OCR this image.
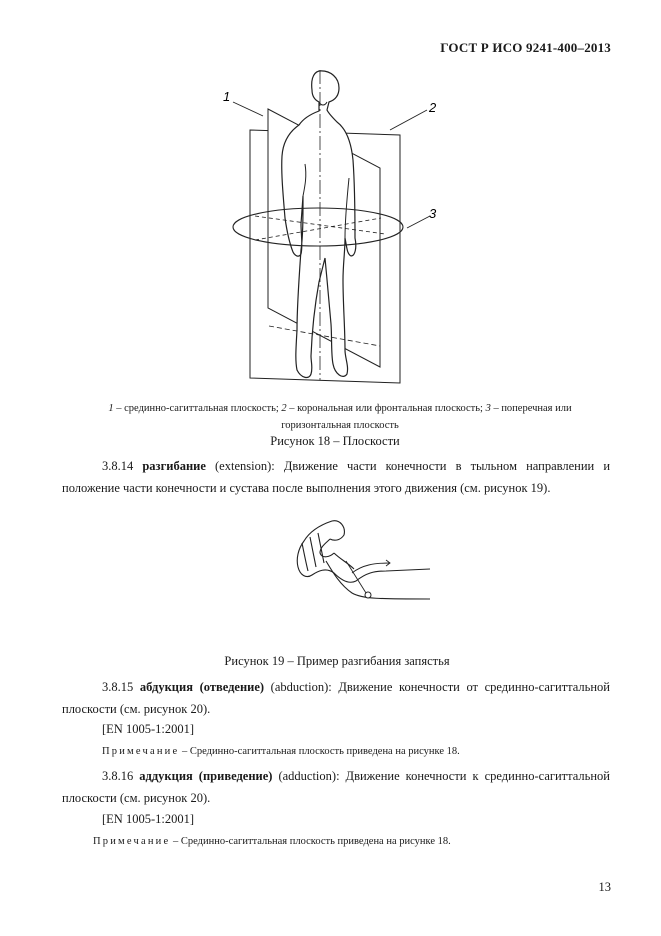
ГОСТ Р ИСО 9241-400–2013
1
2
3
1 – срединно-сагиттальная плоскость; 2 – корональная или фронтальная плоскость; 3 – поперечная или
горизонтальная плоскость
Рисунок 18 – Плоскости
3.8.14 разгибание (extension): Движение части конечности в тыльном направлении и положение части конечности и сустава после выполнения этого движения (см. рисунок 19).
Рисунок 19 – Пример разгибания запястья
3.8.15 абдукция (отведение) (abduction): Движение конечности от срединно-сагиттальной плоскости (см. рисунок 20).
[EN 1005-1:2001]
Примечание – Срединно-сагиттальная плоскость приведена на рисунке 18.
3.8.16 аддукция (приведение) (adduction): Движение конечности к срединно-сагиттальной плоскости (см. рисунок 20).
[EN 1005-1:2001]
Примечание – Срединно-сагиттальная плоскость приведена на рисунке 18.
13
